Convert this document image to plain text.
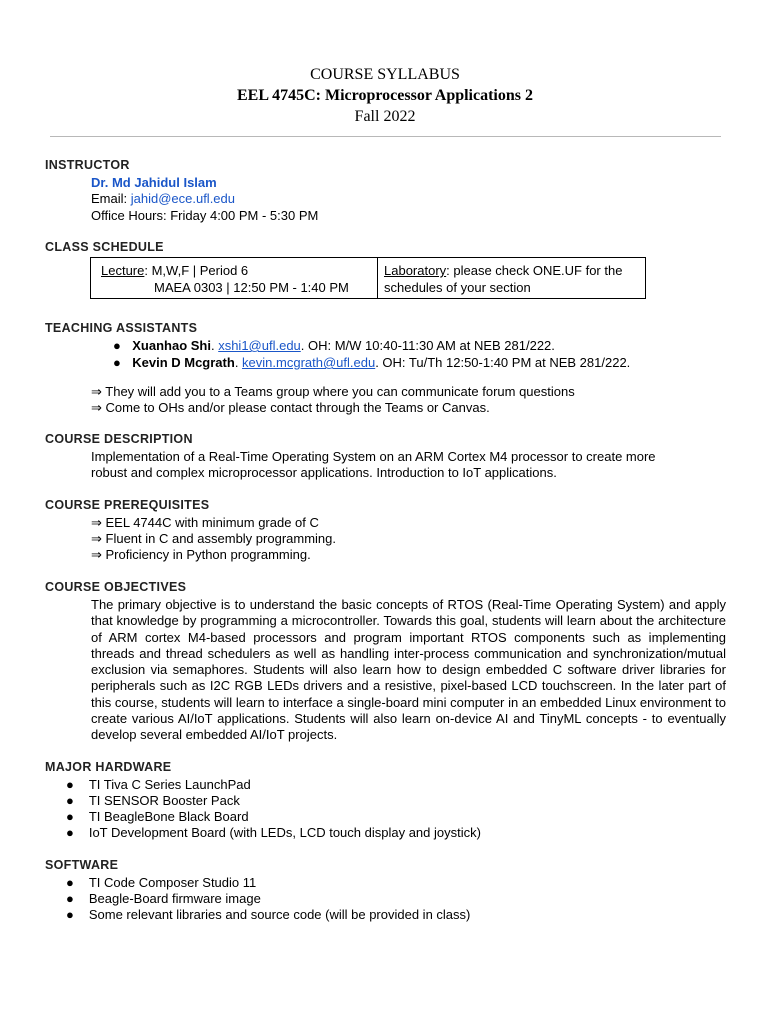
COURSE SYLLABUS
EEL 4745C: Microprocessor Applications 2
Fall 2022
INSTRUCTOR
Dr. Md Jahidul Islam
Email: jahid@ece.ufl.edu
Office Hours: Friday 4:00 PM - 5:30 PM
CLASS SCHEDULE
Lecture: M,W,F | Period 6
MAEA 0303 | 12:50 PM - 1:40 PM

Laboratory: please check ONE.UF for the
schedules of your section
TEACHING ASSISTANTS
● Xuanhao Shi. xshi1@ufl.edu. OH: M/W 10:40-11:30 AM at NEB 281/222.
● Kevin D Mcgrath. kevin.mcgrath@ufl.edu. OH: Tu/Th 12:50-1:40 PM at NEB 281/222.
⇒ They will add you to a Teams group where you can communicate forum questions
⇒ Come to OHs and/or please contact through the Teams or Canvas.
COURSE DESCRIPTION
Implementation of a Real-Time Operating System on an ARM Cortex M4 processor to create more
robust and complex microprocessor applications. Introduction to IoT applications.
COURSE PREREQUISITES
⇒ EEL 4744C with minimum grade of C
⇒ Fluent in C and assembly programming.
⇒ Proficiency in Python programming.
COURSE OBJECTIVES
The primary objective is to understand the basic concepts of RTOS (Real-Time Operating System) and apply that knowledge by programming a microcontroller. Towards this goal, students will learn about the architecture of ARM cortex M4-based processors and program important RTOS components such as implementing threads and thread schedulers as well as handling inter-process communication and synchronization/mutual exclusion via semaphores. Students will also learn how to design embedded C software driver libraries for peripherals such as I2C RGB LEDs drivers and a resistive, pixel-based LCD touchscreen. In the later part of this course, students will learn to interface a single-board mini computer in an embedded Linux environment to create various AI/IoT applications. Students will also learn on-device AI and TinyML concepts - to eventually develop several embedded AI/IoT projects.
MAJOR HARDWARE
● TI Tiva C Series LaunchPad
● TI SENSOR Booster Pack
● TI BeagleBone Black Board
● IoT Development Board (with LEDs, LCD touch display and joystick)
SOFTWARE
● TI Code Composer Studio 11
● Beagle-Board firmware image
● Some relevant libraries and source code (will be provided in class)
